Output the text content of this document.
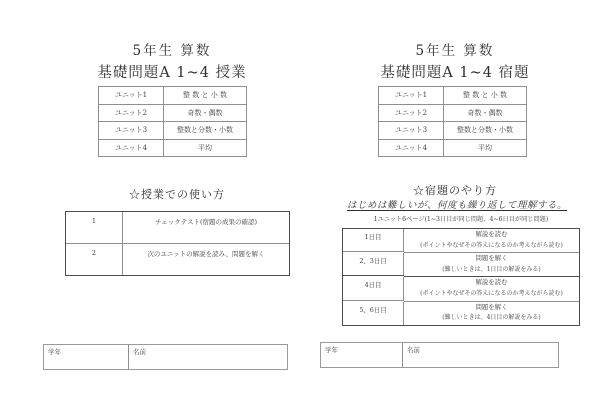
5年生 算数
基礎問題A 1~4 授業
ユニット1	整 数 と 小 数
ユニット2	奇数・偶数
ユニット3	整数と分数・小数
ユニット4	平均
☆授業での使い方
1	チェックテスト(宿題の成果の確認)
2	次のユニットの解説を読み、問題を解く
学年	名前
5年生 算数
基礎問題A 1~4 宿題
ユニット1	整 数 と 小 数
ユニット2	奇数・偶数
ユニット3	整数と分数・小数
ユニット4	平均
☆宿題のやり方
はじめは難しいが、何度も繰り返して理解する。
1ユニット6ページ(1~3日目が同じ問題、4~6日目が同じ問題)
1日目	解説を読む
(ポイントやなぜその答えになるのか考えながら読む)
2、3日目	問題を解く
(難しいときは、1日目の解説をみる)
4日目	解説を読む
(ポイントやなぜその答えになるのか考えながら読む)
5、6日目	問題を解く
(難しいときは、4日目の解説をみる)
学年	名前
